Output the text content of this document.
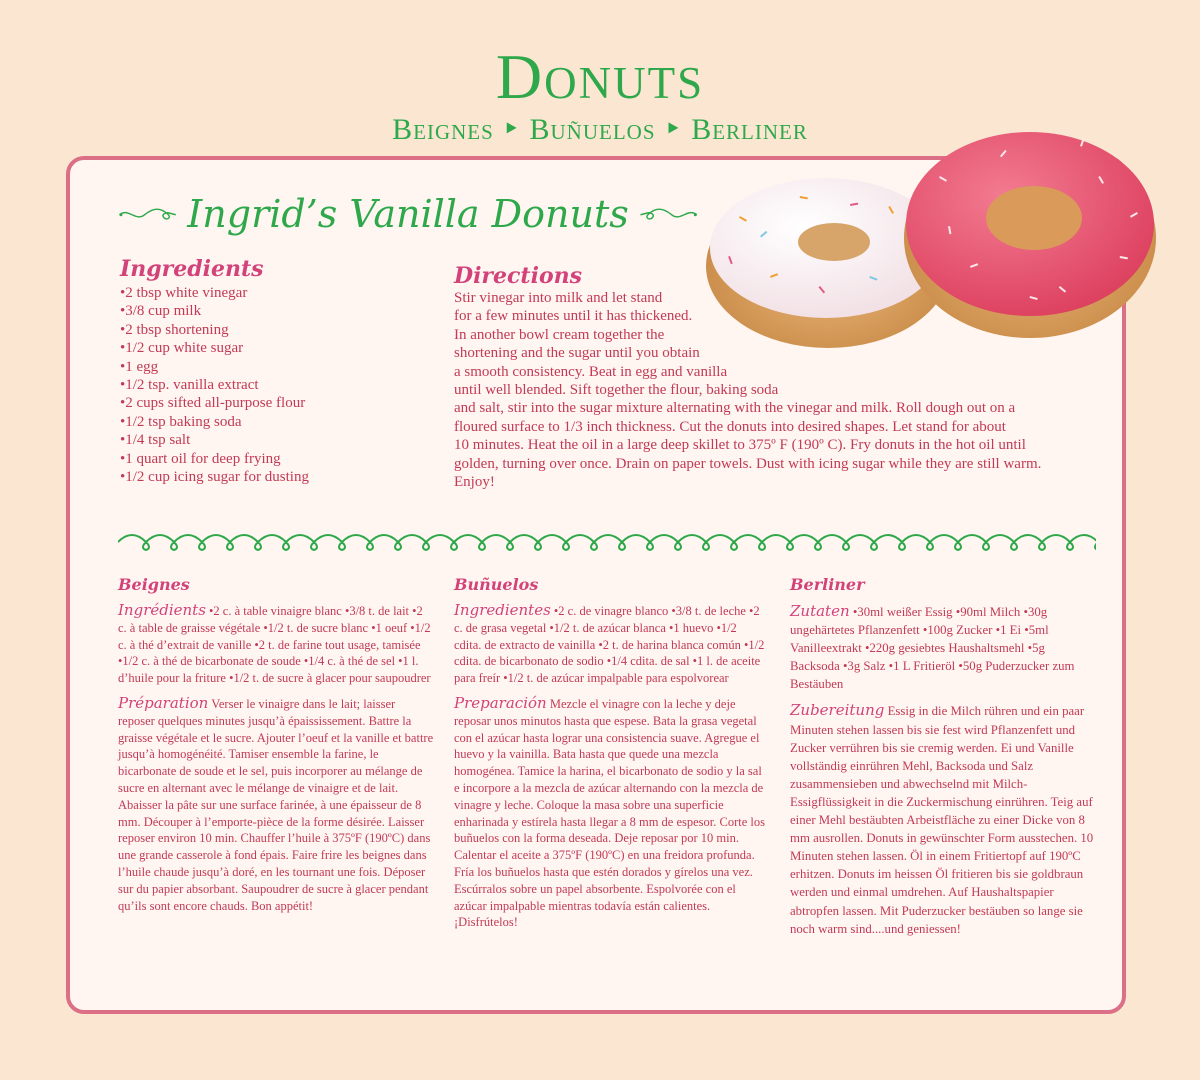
Donuts
Beignes ‣ Buñuelos ‣ Berliner
Ingrid’s Vanilla Donuts
Ingredients
•2 tbsp white vinegar
•3/8 cup milk
•2 tbsp shortening
•1/2 cup white sugar
•1 egg
•1/2 tsp. vanilla extract
•2 cups sifted all-purpose flour
•1/2 tsp baking soda
•1/4 tsp salt
•1 quart oil for deep frying
•1/2 cup icing sugar for dusting
Directions
Stir vinegar into milk and let stand
for a few minutes until it has thickened.
In another bowl cream together the
shortening and the sugar until you obtain
a smooth consistency. Beat in egg and vanilla
until well blended. Sift together the flour, baking soda
and salt, stir into the sugar mixture alternating with the vinegar and milk. Roll dough out on a
floured surface to 1/3 inch thickness. Cut the donuts into desired shapes. Let stand for about
10 minutes. Heat the oil in a large deep skillet to 375º F (190º C). Fry donuts in the hot oil until
golden, turning over once. Drain on paper towels. Dust with icing sugar while they are still warm.
Enjoy!
Beignes

Ingrédients •2 c. à table vinaigre blanc •3/8 t. de lait •2 c. à table de graisse végétale •1/2 t. de sucre blanc •1 oeuf •1/2 c. à thé d’extrait de vanille •2 t. de farine tout usage, tamisée •1/2 c. à thé de bicarbonate de soude •1/4 c. à thé de sel •1 l. d’huile pour la friture •1/2 t. de sucre à glacer pour saupoudrer

Préparation Verser le vinaigre dans le lait; laisser reposer quelques minutes jusqu’à épaississement. Battre la graisse végétale et le sucre. Ajouter l’oeuf et la vanille et battre jusqu’à homogénéité. Tamiser ensemble la farine, le bicarbonate de soude et le sel, puis incorporer au mélange de sucre en alternant avec le mélange de vinaigre et de lait. Abaisser la pâte sur une surface farinée, à une épaisseur de 8 mm. Découper à l’emporte-pièce de la forme désirée. Laisser reposer environ 10 min. Chauffer l’huile à 375ºF (190ºC) dans une grande casserole à fond épais. Faire frire les beignes dans l’huile chaude jusqu’à doré, en les tournant une fois. Déposer sur du papier absorbant. Saupoudrer de sucre à glacer pendant qu’ils sont encore chauds. Bon appétit!

Buñuelos

Ingredientes •2 c. de vinagre blanco •3/8 t. de leche •2 c. de grasa vegetal •1/2 t. de azúcar blanca •1 huevo •1/2 cdita. de extracto de vainilla •2 t. de harina blanca común •1/2 cdita. de bicarbonato de sodio •1/4 cdita. de sal •1 l. de aceite para freír •1/2 t. de azúcar impalpable para espolvorear

Preparación Mezcle el vinagre con la leche y deje reposar unos minutos hasta que espese. Bata la grasa vegetal con el azúcar hasta lograr una consistencia suave. Agregue el huevo y la vainilla. Bata hasta que quede una mezcla homogénea. Tamice la harina, el bicarbonato de sodio y la sal e incorpore a la mezcla de azúcar alternando con la mezcla de vinagre y leche. Coloque la masa sobre una superficie enharinada y estírela hasta llegar a 8 mm de espesor. Corte los buñuelos con la forma deseada. Deje reposar por 10 min. Calentar el aceite a 375ºF (190ºC) en una freidora profunda. Fría los buñuelos hasta que estén dorados y gírelos una vez. Escúrralos sobre un papel absorbente. Espolvorée con el azúcar impalpable mientras todavía están calientes. ¡Disfrútelos!

Berliner

Zutaten •30ml weißer Essig •90ml Milch •30g ungehärtetes Pflanzenfett •100g Zucker •1 Ei •5ml Vanilleextrakt •220g gesiebtes Haushaltsmehl •5g Backsoda •3g Salz •1 L Fritieröl •50g Puderzucker zum Bestäuben

Zubereitung Essig in die Milch rühren und ein paar Minuten stehen lassen bis sie fest wird Pflanzenfett und Zucker verrühren bis sie cremig werden. Ei und Vanille vollständig einrühren Mehl, Backsoda und Salz zusammensieben und abwechselnd mit Milch-Essigflüssigkeit in die Zuckermischung einrühren. Teig auf einer Mehl bestäubten Arbeistfläche zu einer Dicke von 8 mm ausrollen. Donuts in gewünschter Form ausstechen. 10 Minuten stehen lassen. Öl in einem Fritiertopf auf 190ºC erhitzen. Donuts im heissen Öl fritieren bis sie goldbraun werden und einmal umdrehen. Auf Haushaltspapier abtropfen lassen. Mit Puderzucker bestäuben so lange sie noch warm sind....und geniessen!
